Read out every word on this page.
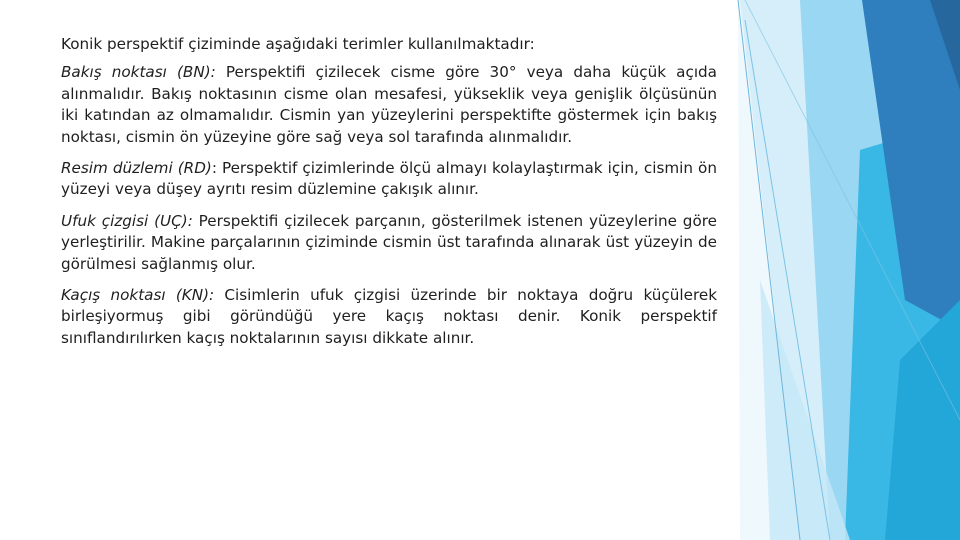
Konik perspektif çiziminde aşağıdaki terimler kullanılmaktadır:

Bakış noktası (BN): Perspektifi çizilecek cisme göre 30° veya daha küçük açıda alınmalıdır. Bakış noktasının cisme olan mesafesi, yükseklik veya genişlik ölçüsünün iki katından az olmamalıdır. Cismin yan yüzeylerini perspektifte göstermek için bakış noktası, cismin ön yüzeyine göre sağ veya sol tarafında alınmalıdır.

Resim düzlemi (RD): Perspektif çizimlerinde ölçü almayı kolaylaştırmak için, cismin ön yüzeyi veya düşey ayrıtı resim düzlemine çakışık alınır.

Ufuk çizgisi (UÇ): Perspektifi çizilecek parçanın, gösterilmek istenen yüzeylerine göre yerleştirilir. Makine parçalarının çiziminde cismin üst tarafında alınarak üst yüzeyin de görülmesi sağlanmış olur.

Kaçış noktası (KN): Cisimlerin ufuk çizgisi üzerinde bir noktaya doğru küçülerek birleşiyormuş gibi göründüğü yere kaçış noktası denir. Konik perspektif sınıflandırılırken kaçış noktalarının sayısı dikkate alınır.
